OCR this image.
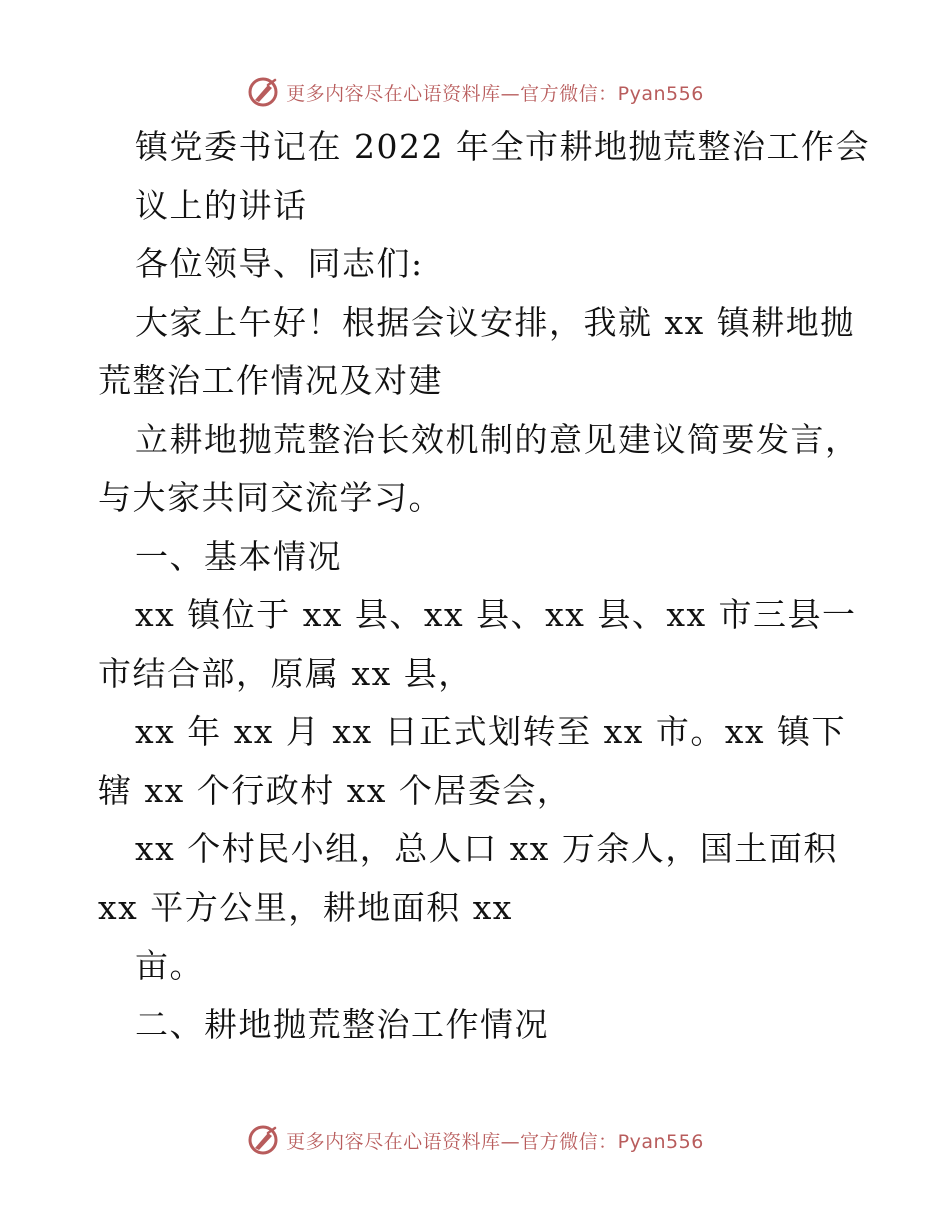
更多内容尽在心语资料库—官方微信：Pyan556
镇党委书记在 2022 年全市耕地抛荒整治工作会
议上的讲话
各位领导、同志们:
大家上午好！根据会议安排，我就 xx 镇耕地抛
荒整治工作情况及对建
立耕地抛荒整治长效机制的意见建议简要发言，
与大家共同交流学习。
一、基本情况
xx 镇位于 xx 县、xx 县、xx 县、xx 市三县一
市结合部，原属 xx 县，
xx 年 xx 月 xx 日正式划转至 xx 市。xx 镇下
辖 xx 个行政村 xx 个居委会，
xx 个村民小组，总人口 xx 万余人，国土面积
xx 平方公里，耕地面积 xx
亩。
二、耕地抛荒整治工作情况
更多内容尽在心语资料库—官方微信：Pyan556
